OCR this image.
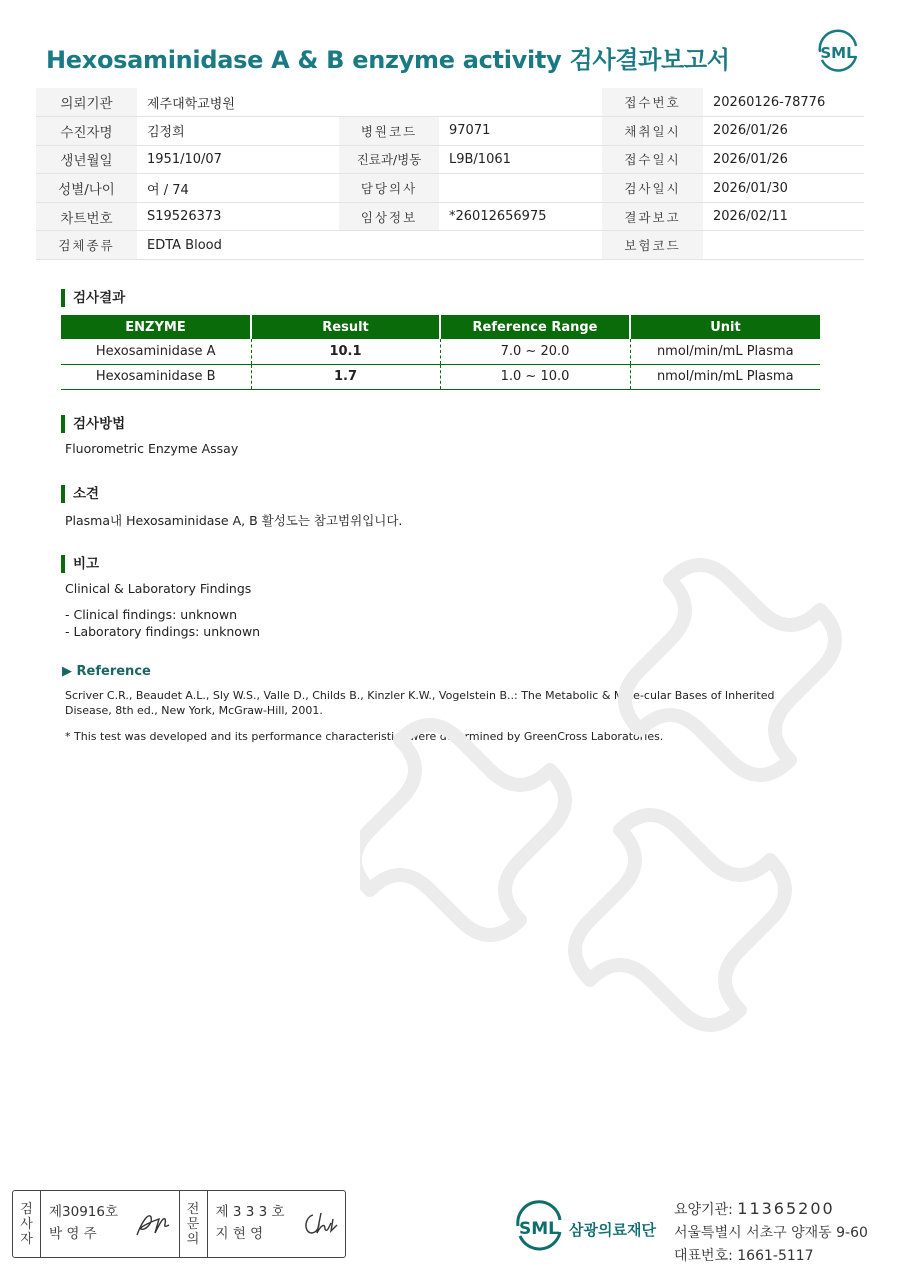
Hexosaminidase A & B enzyme activity 검사결과보고서	SML
의뢰기관	제주대학교병원			접수번호	20260126-78776
수진자명	김정희	병원코드	97071	채취일시	2026/01/26
생년월일	1951/10/07	진료과/병동	L9B/1061	접수일시	2026/01/26
성별/나이	여 / 74	담당의사		검사일시	2026/01/30
차트번호	S19526373	임상정보	*26012656975	결과보고	2026/02/11
검체종류	EDTA Blood			보험코드	
검사결과
ENZYME	Result	Reference Range	Unit
Hexosaminidase A	10.1	7.0 ~ 20.0	nmol/min/mL Plasma
Hexosaminidase B	1.7	1.0 ~ 10.0	nmol/min/mL Plasma
검사방법
Fluorometric Enzyme Assay
소견
Plasma내 Hexosaminidase A, B 활성도는 참고범위입니다.
비고
Clinical & Laboratory Findings
- Clinical findings: unknown
- Laboratory findings: unknown
▶ Reference
Scriver C.R., Beaudet A.L., Sly W.S., Valle D., Childs B., Kinzler K.W., Vogelstein B..: The Metabolic & Mole-cular Bases of Inherited Disease, 8th ed., New York, McGraw-Hill, 2001.
* This test was developed and its performance characteristics were determined by GreenCross Laboratories.
검
사
자
제30916호
박 영 주
전
문
의
제 3 3 3 호
지 현 영	SML 삼광의료재단
요양기관: 11365200
서울특별시 서초구 양재동 9-60
대표번호: 1661-5117
